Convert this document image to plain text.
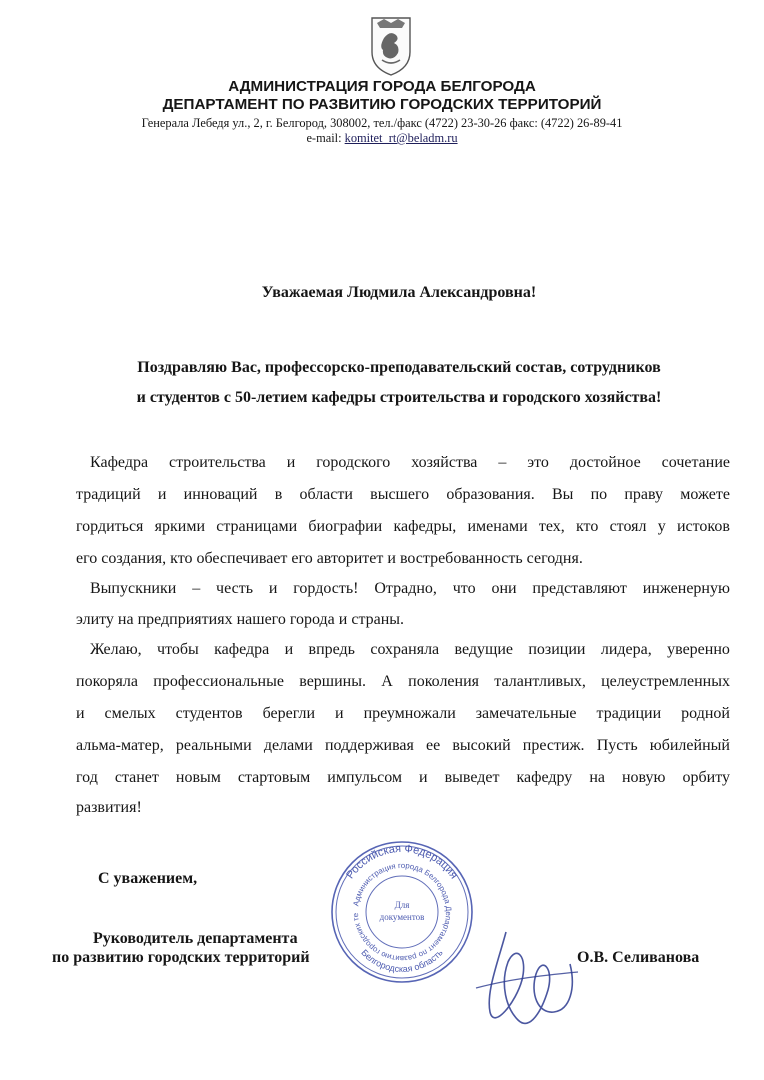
АДМИНИСТРАЦИЯ ГОРОДА БЕЛГОРОДА
ДЕПАРТАМЕНТ ПО РАЗВИТИЮ ГОРОДСКИХ ТЕРРИТОРИЙ
Генерала Лебедя ул., 2, г. Белгород, 308002, тел./факс (4722) 23-30-26 факс: (4722) 26-89-41
e-mail: komitet_rt@beladm.ru
Уважаемая Людмила Александровна!

Поздравляю Вас, профессорско-преподавательский состав, сотрудников

и студентов с 50-летием кафедры строительства и городского хозяйства!

Кафедра строительства и городского хозяйства – это достойное сочетание
традиций и инноваций в области высшего образования. Вы по праву можете
гордиться яркими страницами биографии кафедры, именами тех, кто стоял у истоков
его создания, кто обеспечивает его авторитет и востребованность сегодня.
Выпускники – честь и гордость! Отрадно, что они представляют инженерную
элиту на предприятиях нашего города и страны.
Желаю, чтобы кафедра и впредь сохраняла ведущие позиции лидера, уверенно
покоряла профессиональные вершины. А поколения талантливых, целеустремленных
и смелых студентов берегли и преумножали замечательные традиции родной
альма-матер, реальными делами поддерживая ее высокий престиж. Пусть юбилейный
год станет новым стартовым импульсом и выведет кафедру на новую орбиту
развития!

С уважением,

Руководитель департамента
по развитию городских территорий	О.В. Селиванова
Российская Федерация
Администрация города Белгорода Департамент по развитию городских те
Белгородская область
Для
документов
